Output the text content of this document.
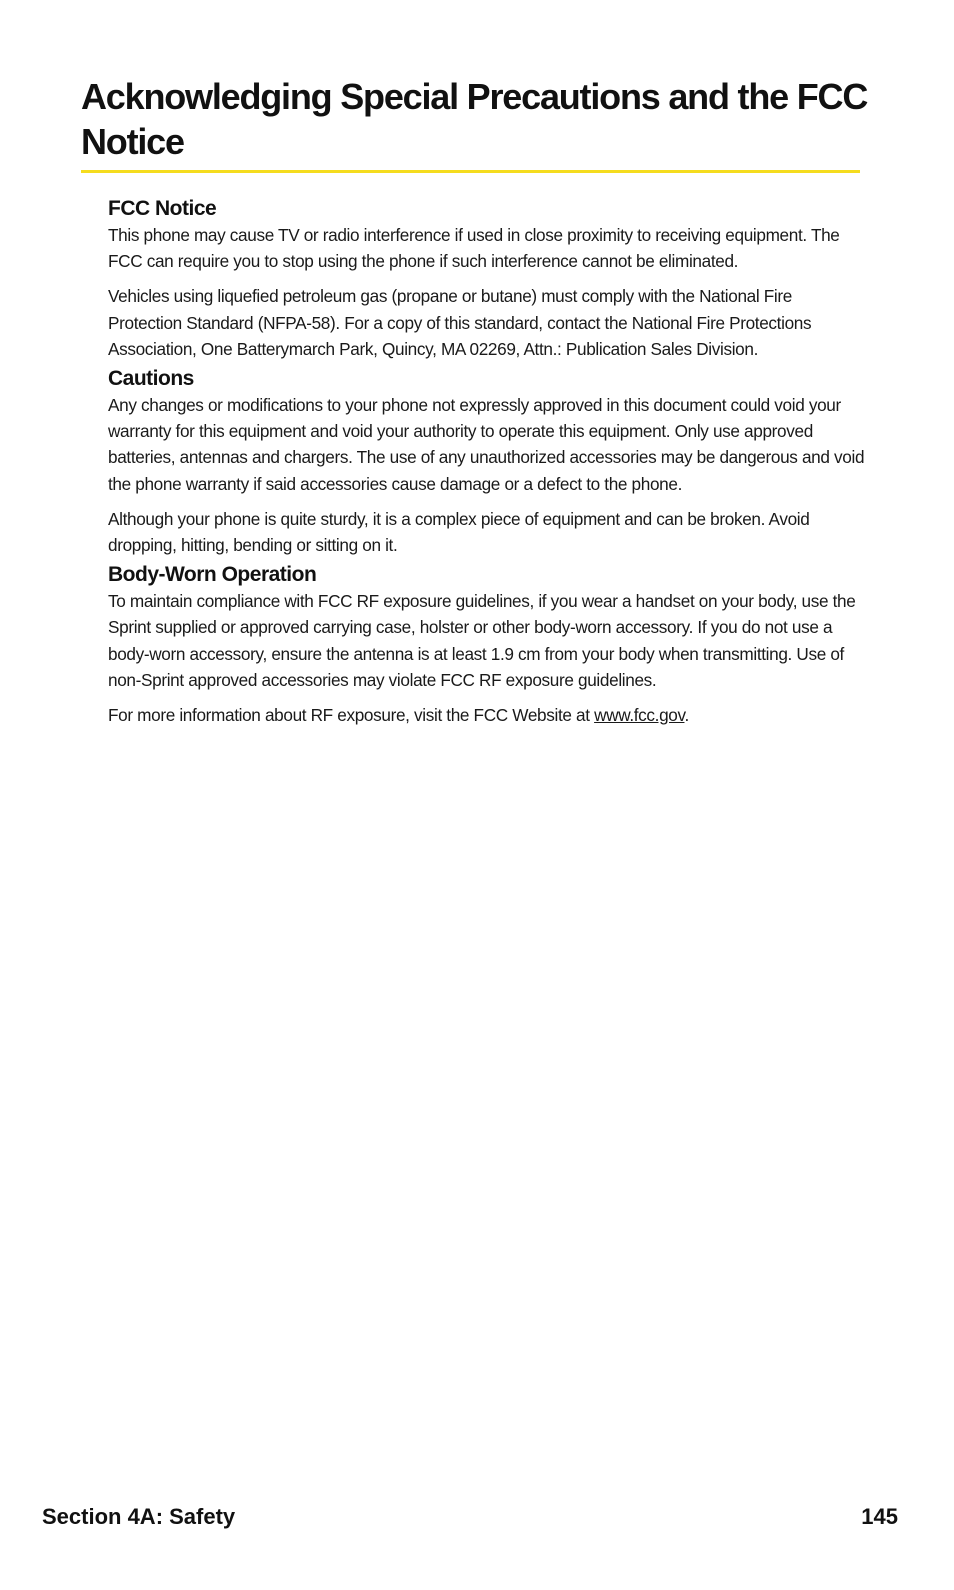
Acknowledging Special Precautions and the FCC Notice
FCC Notice

This phone may cause TV or radio interference if used in close proximity to receiving equipment. The FCC can require you to stop using the phone if such interference cannot be eliminated.

Vehicles using liquefied petroleum gas (propane or butane) must comply with the National Fire Protection Standard (NFPA-58). For a copy of this standard, contact the National Fire Protections Association, One Batterymarch Park, Quincy, MA 02269, Attn.: Publication Sales Division.

Cautions

Any changes or modifications to your phone not expressly approved in this document could void your warranty for this equipment and void your authority to operate this equipment. Only use approved batteries, antennas and chargers. The use of any unauthorized accessories may be dangerous and void the phone warranty if said accessories cause damage or a defect to the phone.

Although your phone is quite sturdy, it is a complex piece of equipment and can be broken. Avoid dropping, hitting, bending or sitting on it.

Body-Worn Operation

To maintain compliance with FCC RF exposure guidelines, if you wear a handset on your body, use the Sprint supplied or approved carrying case, holster or other body-worn accessory. If you do not use a body-worn accessory, ensure the antenna is at least 1.9 cm from your body when transmitting. Use of non-Sprint approved accessories may violate FCC RF exposure guidelines.

For more information about RF exposure, visit the FCC Website at www.fcc.gov.

Section 4A: Safety	145
